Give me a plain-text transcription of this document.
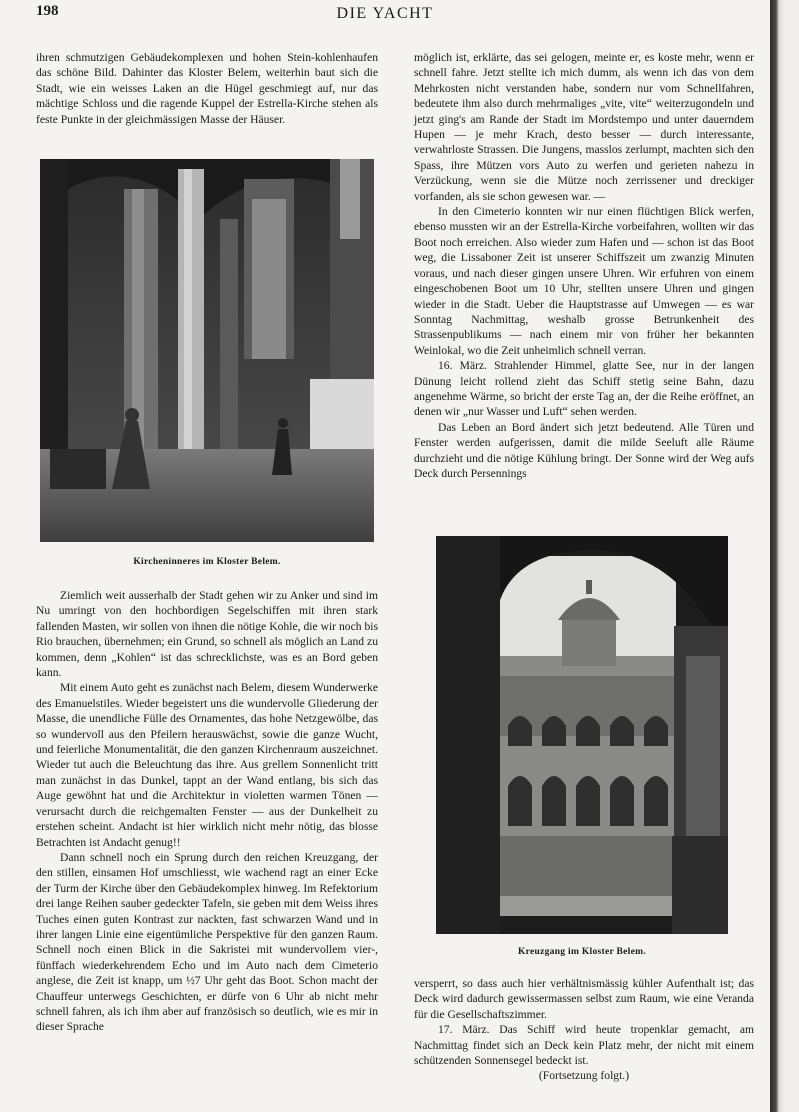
198	DIE YACHT

ihren schmutzigen Gebäudekomplexen und hohen Stein-kohlenhaufen das schöne Bild. Dahinter das Kloster Belem, weiterhin baut sich die Stadt, wie ein weisses Laken an die Hügel geschmiegt auf, nur das mächtige Schloss und die ragende Kuppel der Estrella-Kirche stehen als feste Punkte in der gleichmässigen Masse der Häuser.

Kircheninneres im Kloster Belem.

Ziemlich weit ausserhalb der Stadt gehen wir zu Anker und sind im Nu umringt von den hochbordigen Segelschiffen mit ihren stark fallenden Masten, wir sollen von ihnen die nötige Kohle, die wir noch bis Rio brauchen, übernehmen; ein Grund, so schnell als möglich an Land zu kommen, denn „Kohlen“ ist das schrecklichste, was es an Bord geben kann.

Mit einem Auto geht es zunächst nach Belem, diesem Wunderwerke des Emanuelstiles. Wieder begeistert uns die wundervolle Gliederung der Masse, die unendliche Fülle des Ornamentes, das hohe Netzgewölbe, das so wundervoll aus den Pfeilern herauswächst, sowie die ganze Wucht, und feierliche Monumentalität, die den ganzen Kirchenraum auszeichnet. Wieder tut auch die Beleuchtung das ihre. Aus grellem Sonnenlicht tritt man zunächst in das Dunkel, tappt an der Wand entlang, bis sich das Auge gewöhnt hat und die Architektur in violetten warmen Tönen — verursacht durch die reichgemalten Fenster — aus der Dunkelheit zu erstehen scheint. Andacht ist hier wirklich nicht mehr nötig, das blosse Betrachten ist Andacht genug!!

Dann schnell noch ein Sprung durch den reichen Kreuzgang, der den stillen, einsamen Hof umschliesst, wie wachend ragt an einer Ecke der Turm der Kirche über den Gebäudekomplex hinweg. Im Refektorium drei lange Reihen sauber gedeckter Tafeln, sie geben mit dem Weiss ihres Tuches einen guten Kontrast zur nackten, fast schwarzen Wand und in ihrer langen Linie eine eigentümliche Perspektive für den ganzen Raum. Schnell noch einen Blick in die Sakristei mit wundervollem vier-, fünffach wiederkehrendem Echo und im Auto nach dem Cimeterio anglese, die Zeit ist knapp, um ½7 Uhr geht das Boot. Schon macht der Chauffeur unterwegs Geschichten, er dürfe von 6 Uhr ab nicht mehr schnell fahren, als ich ihm aber auf französisch so deutlich, wie es mir in dieser Sprache

möglich ist, erklärte, das sei gelogen, meinte er, es koste mehr, wenn er schnell fahre. Jetzt stellte ich mich dumm, als wenn ich das von dem Mehrkosten nicht verstanden habe, sondern nur vom Schnellfahren, bedeutete ihm also durch mehrmaliges „vite, vite“ weiterzugondeln und jetzt ging's am Rande der Stadt im Mordstempo und unter dauerndem Hupen — je mehr Krach, desto besser — durch interessante, verwahrloste Strassen. Die Jungens, masslos zerlumpt, machten sich den Spass, ihre Mützen vors Auto zu werfen und gerieten nahezu in Verzückung, wenn sie die Mütze noch zerrissener und dreckiger vorfanden, als sie schon gewesen war. —

In den Cimeterio konnten wir nur einen flüchtigen Blick werfen, ebenso mussten wir an der Estrella-Kirche vorbeifahren, wollten wir das Boot noch erreichen. Also wieder zum Hafen und — schon ist das Boot weg, die Lissaboner Zeit ist unserer Schiffszeit um zwanzig Minuten voraus, und nach dieser gingen unsere Uhren. Wir erfuhren von einem eingeschobenen Boot um 10 Uhr, stellten unsere Uhren und gingen wieder in die Stadt. Ueber die Hauptstrasse auf Umwegen — es war Sonntag Nachmittag, weshalb grosse Betrunkenheit des Strassenpublikums — nach einem mir von früher her bekannten Weinlokal, wo die Zeit unheimlich schnell verran.

16. März. Strahlender Himmel, glatte See, nur in der langen Dünung leicht rollend zieht das Schiff stetig seine Bahn, dazu angenehme Wärme, so bricht der erste Tag an, der die Reihe eröffnet, an denen wir „nur Wasser und Luft“ sehen werden.

Das Leben an Bord ändert sich jetzt bedeutend. Alle Türen und Fenster werden aufgerissen, damit die milde Seeluft alle Räume durchzieht und die nötige Kühlung bringt. Der Sonne wird der Weg aufs Deck durch Persennings

Kreuzgang im Kloster Belem.

versperrt, so dass auch hier verhältnismässig kühler Aufenthalt ist; das Deck wird dadurch gewissermassen selbst zum Raum, wie eine Veranda für die Gesellschaftszimmer.

17. März. Das Schiff wird heute tropenklar gemacht, am Nachmittag findet sich an Deck kein Platz mehr, der nicht mit einem schützenden Sonnensegel bedeckt ist.

(Fortsetzung folgt.)
